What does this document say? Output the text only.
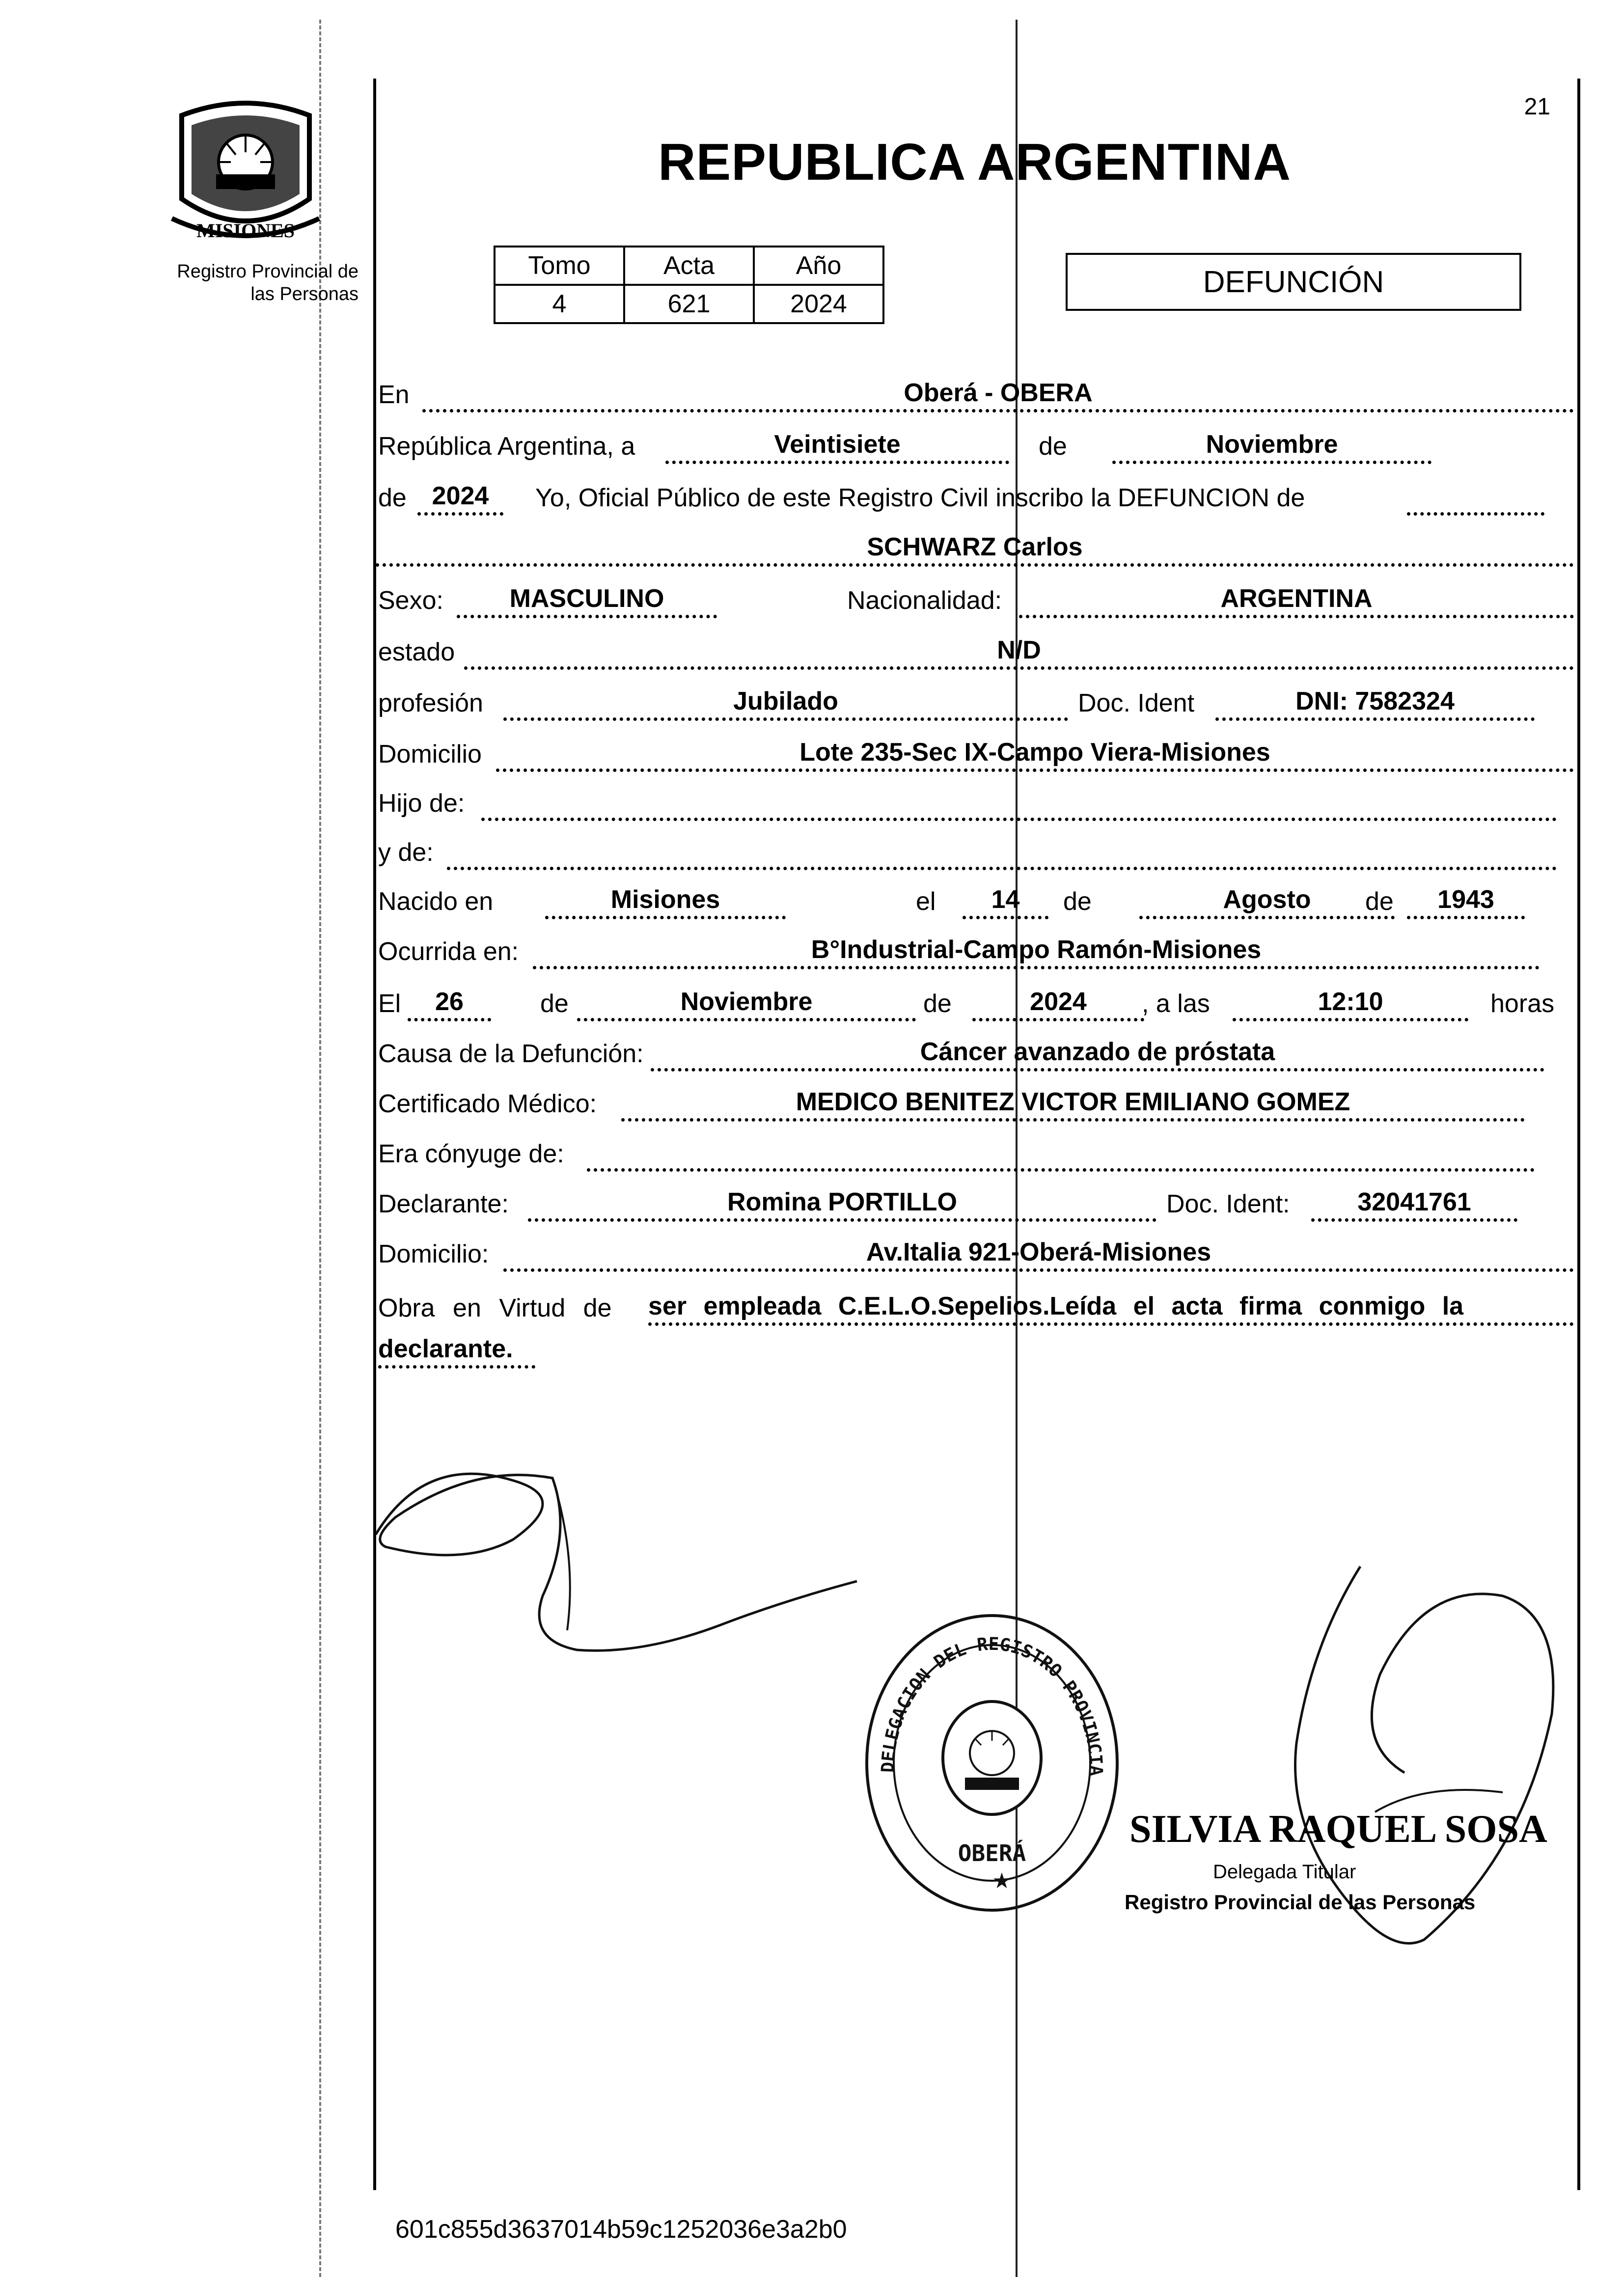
MISIONES
Registro Provincial de
las Personas
21
REPUBLICA ARGENTINA
Tomo	Acta	Año
4	621	2024
DEFUNCIÓN
En	Oberá - OBERA
República Argentina, a	Veintisiete	de	Noviembre
de 2024	Yo, Oficial Público de este Registro Civil inscribo la DEFUNCION de
SCHWARZ Carlos
Sexo:	MASCULINO	Nacionalidad:	ARGENTINA
estado	N/D
profesión	Jubilado	Doc. Ident	DNI: 7582324
Domicilio	Lote 235-Sec IX-Campo Viera-Misiones
Hijo de:
y de:
Nacido en	Misiones	el	14	de	Agosto	de	1943
Ocurrida en:	B°Industrial-Campo Ramón-Misiones
El	26	de	Noviembre	de	2024	, a las	12:10	horas
Causa de la Defunción:	Cáncer avanzado de próstata
Certificado Médico:	MEDICO BENITEZ VICTOR EMILIANO GOMEZ
Era cónyuge de:
Declarante:	Romina PORTILLO	Doc. Ident:	32041761
Domicilio:	Av.Italia 921-Oberá-Misiones
Obra en Virtud de ser empleada C.E.L.O.Sepelios.Leída el acta firma conmigo la
declarante.
DELEGACION DEL REGISTRO PROVINCIA
OBERÁ
★
SILVIA RAQUEL SOSA
Delegada Titular
Registro Provincial de las Personas
601c855d3637014b59c1252036e3a2b0
